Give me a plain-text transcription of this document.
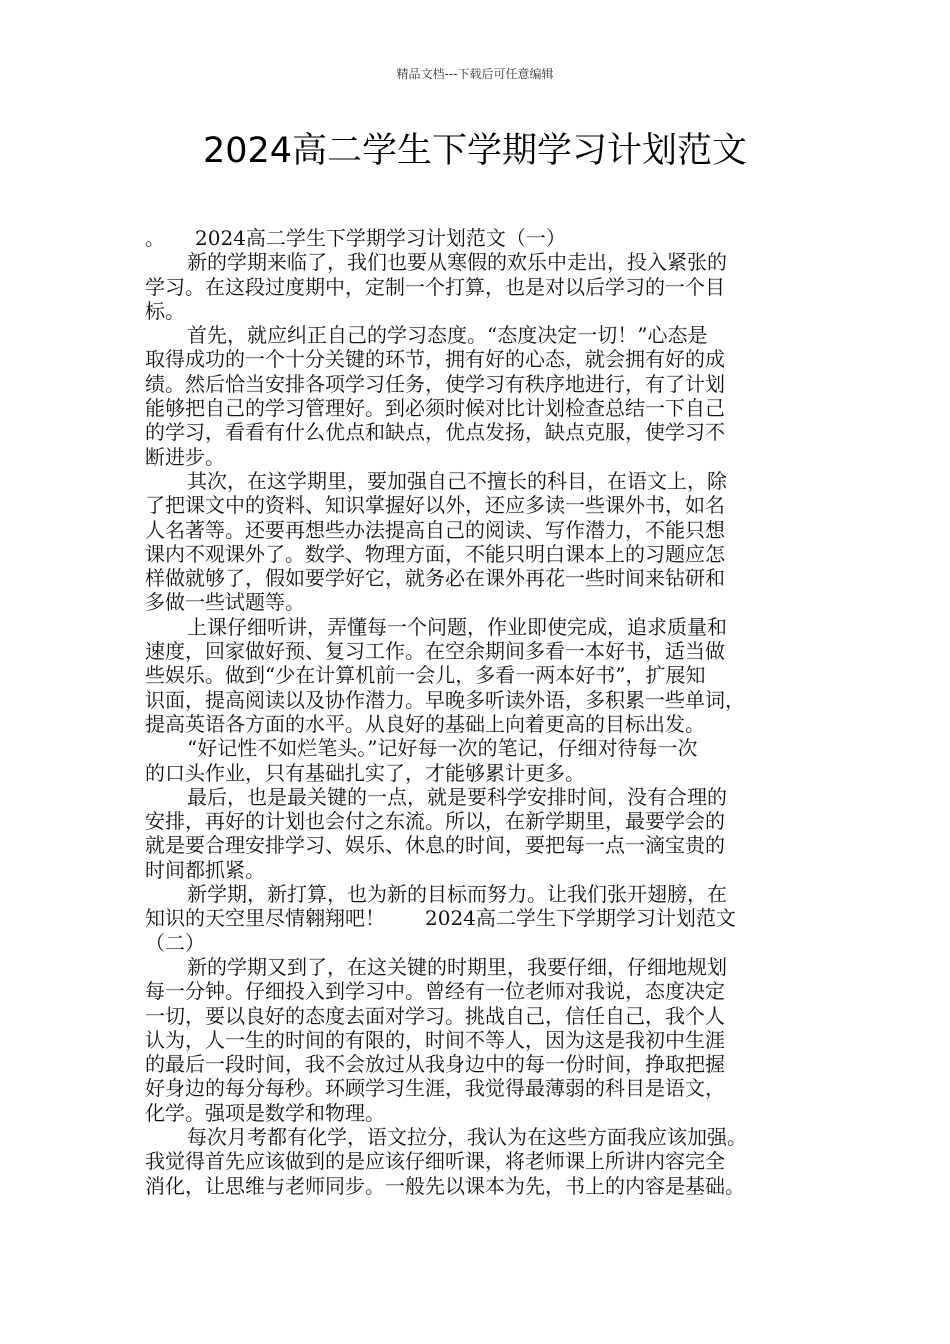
精品文档---下载后可任意编辑
2024高二学生下学期学习计划范文
。　　2024高二学生下学期学习计划范文（一）
新的学期来临了，我们也要从寒假的欢乐中走出，投入紧张的
学习。在这段过度期中，定制一个打算，也是对以后学习的一个目
标。
首先，就应纠正自己的学习态度。“态度决定一切！”心态是
取得成功的一个十分关键的环节，拥有好的心态，就会拥有好的成
绩。然后恰当安排各项学习任务，使学习有秩序地进行，有了计划
能够把自己的学习管理好。到必须时候对比计划检查总结一下自己
的学习，看看有什么优点和缺点，优点发扬，缺点克服，使学习不
断进步。
其次，在这学期里，要加强自己不擅长的科目，在语文上，除
了把课文中的资料、知识掌握好以外，还应多读一些课外书，如名
人名著等。还要再想些办法提高自己的阅读、写作潜力，不能只想
课内不观课外了。数学、物理方面，不能只明白课本上的习题应怎
样做就够了，假如要学好它，就务必在课外再花一些时间来钻研和
多做一些试题等。
上课仔细听讲，弄懂每一个问题，作业即使完成，追求质量和
速度，回家做好预、复习工作。在空余期间多看一本好书，适当做
些娱乐。做到“少在计算机前一会儿，多看一两本好书”，扩展知
识面，提高阅读以及协作潜力。早晚多听读外语，多积累一些单词，
提高英语各方面的水平。从良好的基础上向着更高的目标出发。
“好记性不如烂笔头。”记好每一次的笔记，仔细对待每一次
的口头作业，只有基础扎实了，才能够累计更多。
最后，也是最关键的一点，就是要科学安排时间，没有合理的
安排，再好的计划也会付之东流。所以，在新学期里，最要学会的
就是要合理安排学习、娱乐、休息的时间，要把每一点一滴宝贵的
时间都抓紧。
新学期，新打算，也为新的目标而努力。让我们张开翅膀，在
知识的天空里尽情翱翔吧！　　2024高二学生下学期学习计划范文
（二）
新的学期又到了，在这关键的时期里，我要仔细，仔细地规划
每一分钟。仔细投入到学习中。曾经有一位老师对我说，态度决定
一切，要以良好的态度去面对学习。挑战自己，信任自己，我个人
认为，人一生的时间的有限的，时间不等人，因为这是我初中生涯
的最后一段时间，我不会放过从我身边中的每一份时间，挣取把握
好身边的每分每秒。环顾学习生涯，我觉得最薄弱的科目是语文，
化学。强项是数学和物理。
每次月考都有化学，语文拉分，我认为在这些方面我应该加强。
我觉得首先应该做到的是应该仔细听课，将老师课上所讲内容完全
消化，让思维与老师同步。一般先以课本为先，书上的内容是基础。
